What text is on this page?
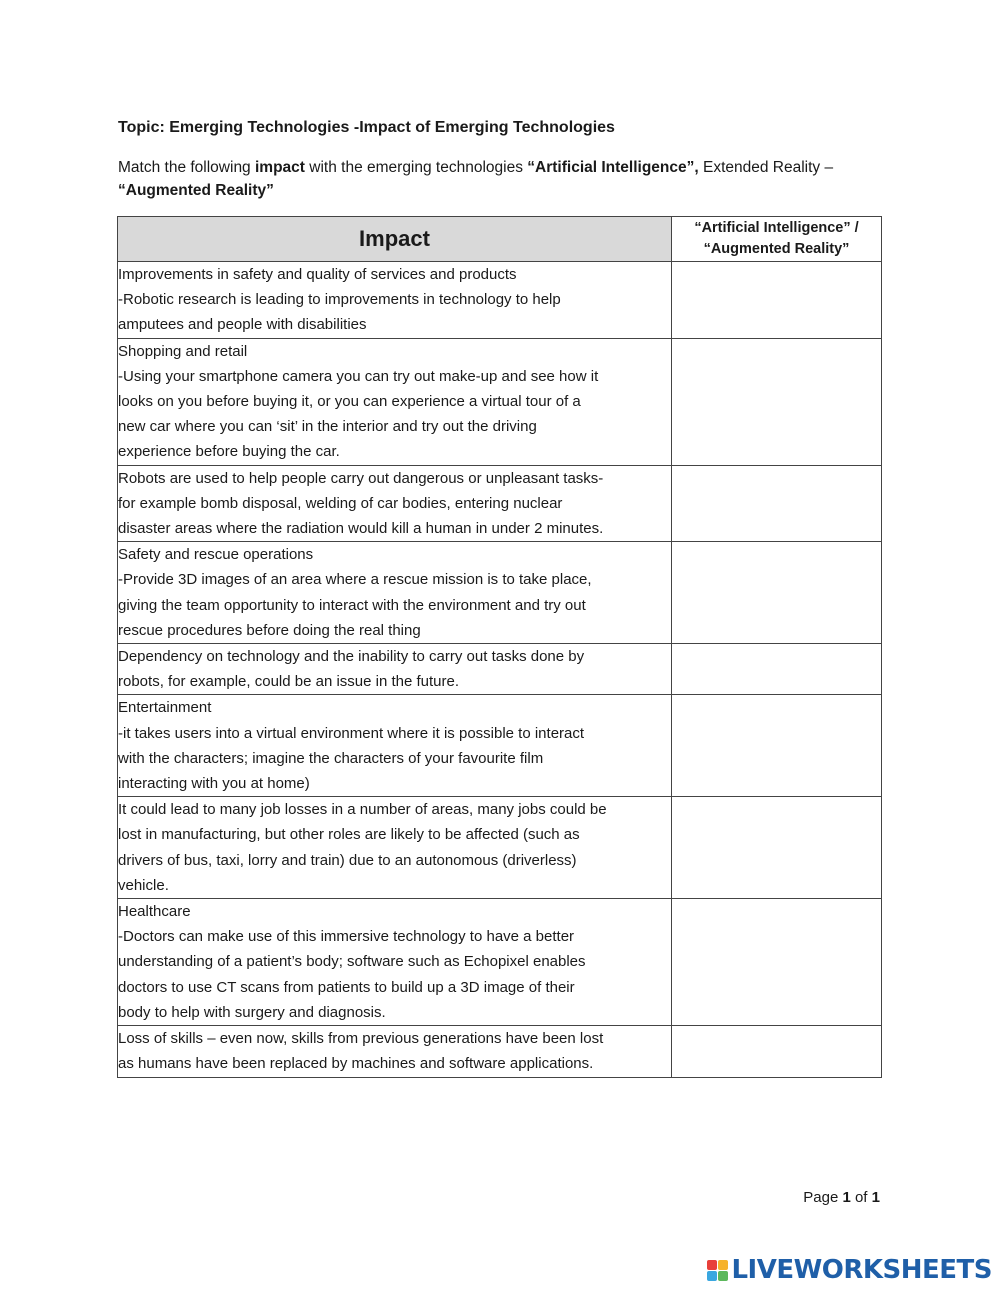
Topic: Emerging Technologies -Impact of Emerging Technologies
Match the following impact with the emerging technologies “Artificial Intelligence”, Extended Reality –
“Augmented Reality”
Impact	“Artificial Intelligence” /
“Augmented Reality”

Improvements in safety and quality of services and products
-Robotic research is leading to improvements in technology to help
amputees and people with disabilities	

Shopping and retail
-Using your smartphone camera you can try out make-up and see how it
looks on you before buying it, or you can experience a virtual tour of a
new car where you can ‘sit’ in the interior and try out the driving
experience before buying the car.	

Robots are used to help people carry out dangerous or unpleasant tasks-
for example bomb disposal, welding of car bodies, entering nuclear
disaster areas where the radiation would kill a human in under 2 minutes.	

Safety and rescue operations
-Provide 3D images of an area where a rescue mission is to take place,
giving the team opportunity to interact with the environment and try out
rescue procedures before doing the real thing	

Dependency on technology and the inability to carry out tasks done by
robots, for example, could be an issue in the future.	

Entertainment
-it takes users into a virtual environment where it is possible to interact
with the characters; imagine the characters of your favourite film
interacting with you at home)	

It could lead to many job losses in a number of areas, many jobs could be
lost in manufacturing, but other roles are likely to be affected (such as
drivers of bus, taxi, lorry and train) due to an autonomous (driverless)
vehicle.	

Healthcare
-Doctors can make use of this immersive technology to have a better
understanding of a patient’s body; software such as Echopixel enables
doctors to use CT scans from patients to build up a 3D image of their
body to help with surgery and diagnosis.	

Loss of skills – even now, skills from previous generations have been lost
as humans have been replaced by machines and software applications.	

Page 1 of 1
LIVEWORKSHEETS
